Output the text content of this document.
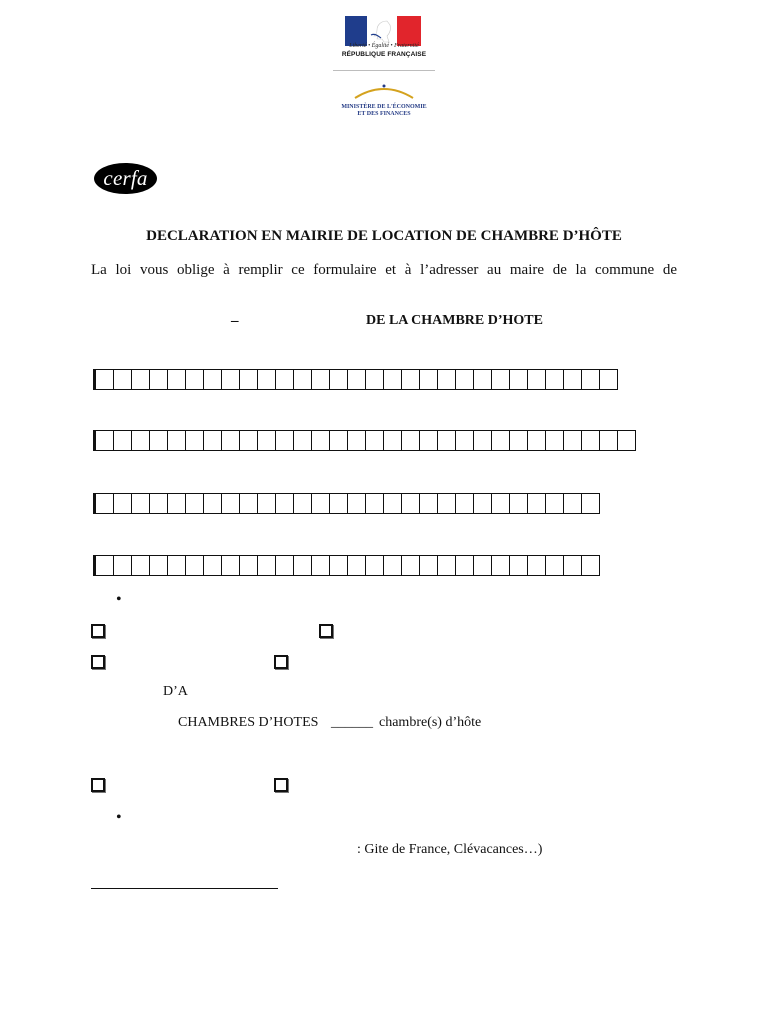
Liberté • Égalité • Fraternité
RÉPUBLIQUE FRANÇAISE
MINISTÈRE DE L'ÉCONOMIE
ET DES FINANCES
cerfa
DECLARATION EN MAIRIE DE LOCATION DE CHAMBRE D’HÔTE
La loi vous oblige à remplir ce formulaire et à l’adresser au maire de la commune de
–	DE LA CHAMBRE D’HOTE
•
•
D’A
CHAMBRES D’HOTES ______ chambre(s) d’hôte
: Gite de France, Clévacances…)
